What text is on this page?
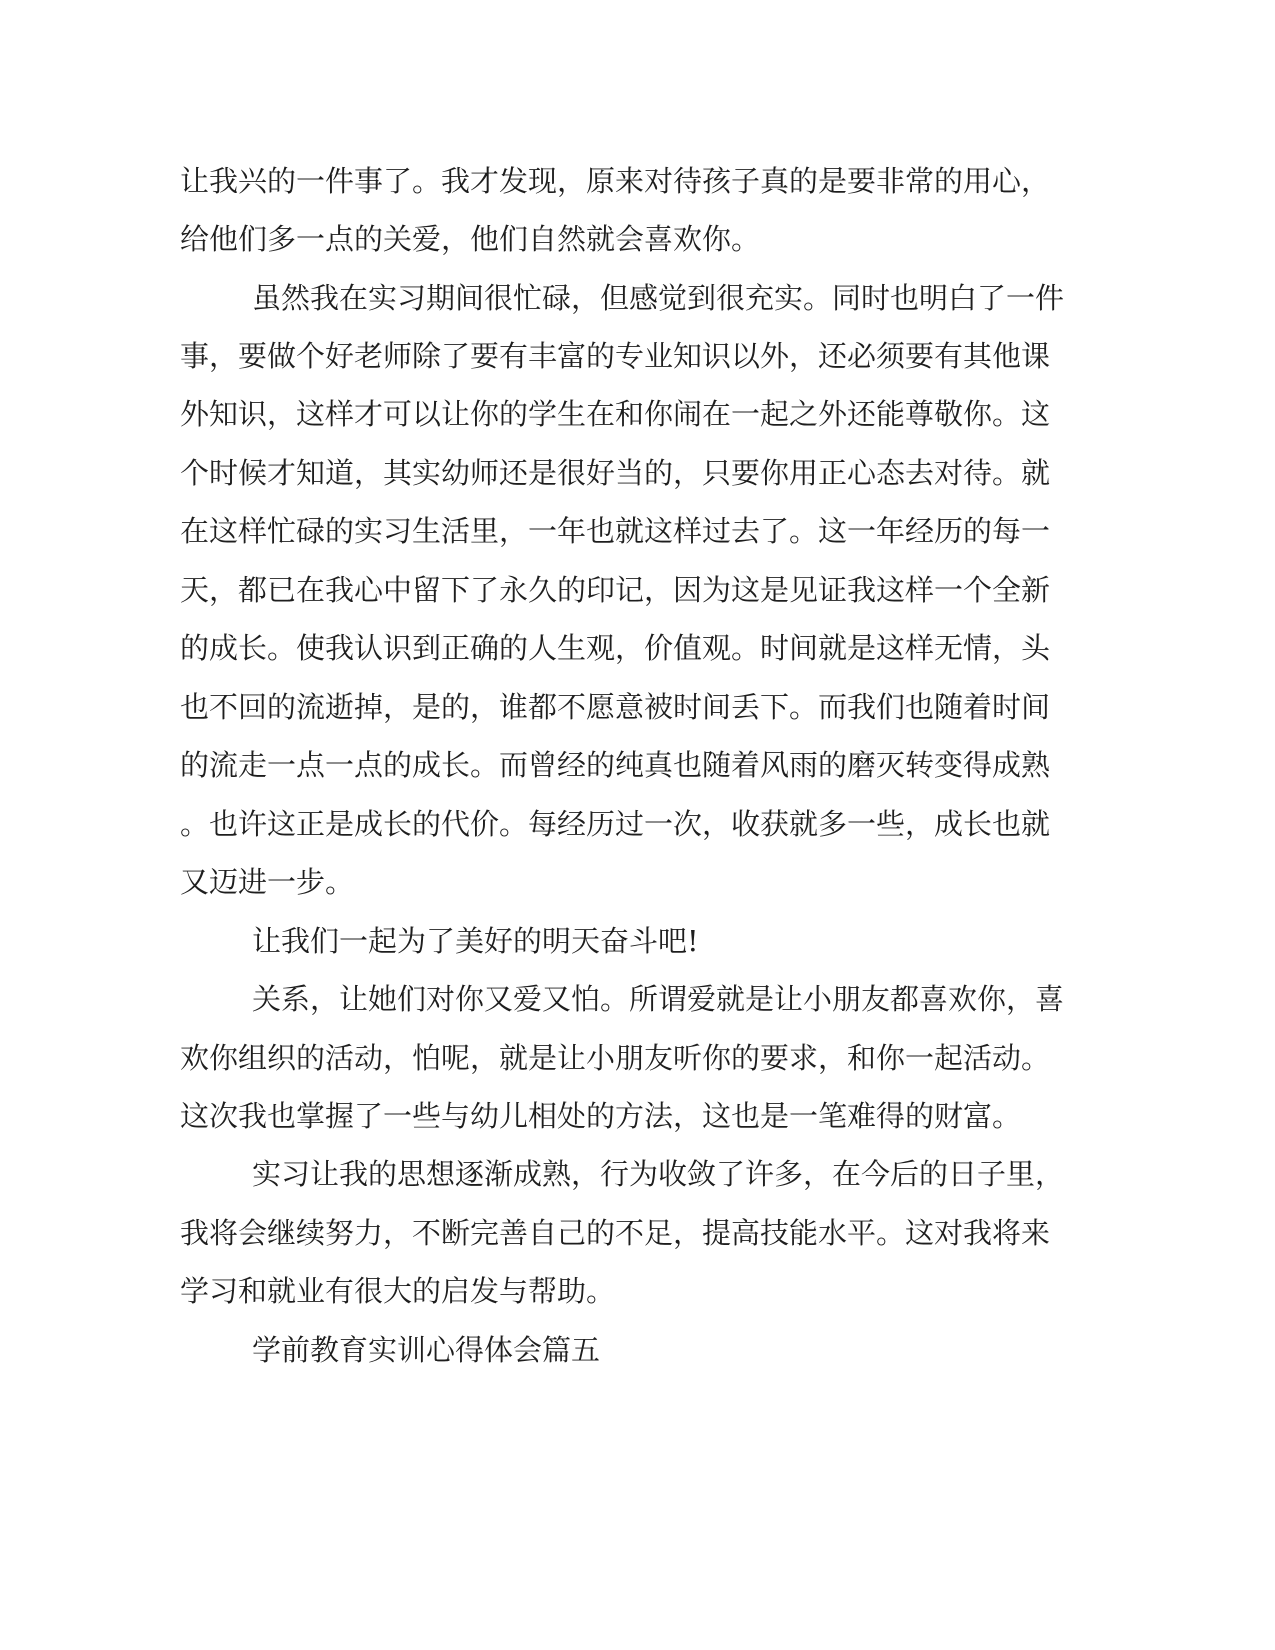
让我兴的一件事了。我才发现，原来对待孩子真的是要非常的用心，
给他们多一点的关爱，他们自然就会喜欢你。
虽然我在实习期间很忙碌，但感觉到很充实。同时也明白了一件
事，要做个好老师除了要有丰富的专业知识以外，还必须要有其他课
外知识，这样才可以让你的学生在和你闹在一起之外还能尊敬你。这
个时候才知道，其实幼师还是很好当的，只要你用正心态去对待。就
在这样忙碌的实习生活里，一年也就这样过去了。这一年经历的每一
天，都已在我心中留下了永久的印记，因为这是见证我这样一个全新
的成长。使我认识到正确的人生观，价值观。时间就是这样无情，头
也不回的流逝掉，是的，谁都不愿意被时间丢下。而我们也随着时间
的流走一点一点的成长。而曾经的纯真也随着风雨的磨灭转变得成熟
。也许这正是成长的代价。每经历过一次，收获就多一些，成长也就
又迈进一步。
让我们一起为了美好的明天奋斗吧!
关系，让她们对你又爱又怕。所谓爱就是让小朋友都喜欢你，喜
欢你组织的活动，怕呢，就是让小朋友听你的要求，和你一起活动。
这次我也掌握了一些与幼儿相处的方法，这也是一笔难得的财富。
实习让我的思想逐渐成熟，行为收敛了许多，在今后的日子里，
我将会继续努力，不断完善自己的不足，提高技能水平。这对我将来
学习和就业有很大的启发与帮助。
学前教育实训心得体会篇五
